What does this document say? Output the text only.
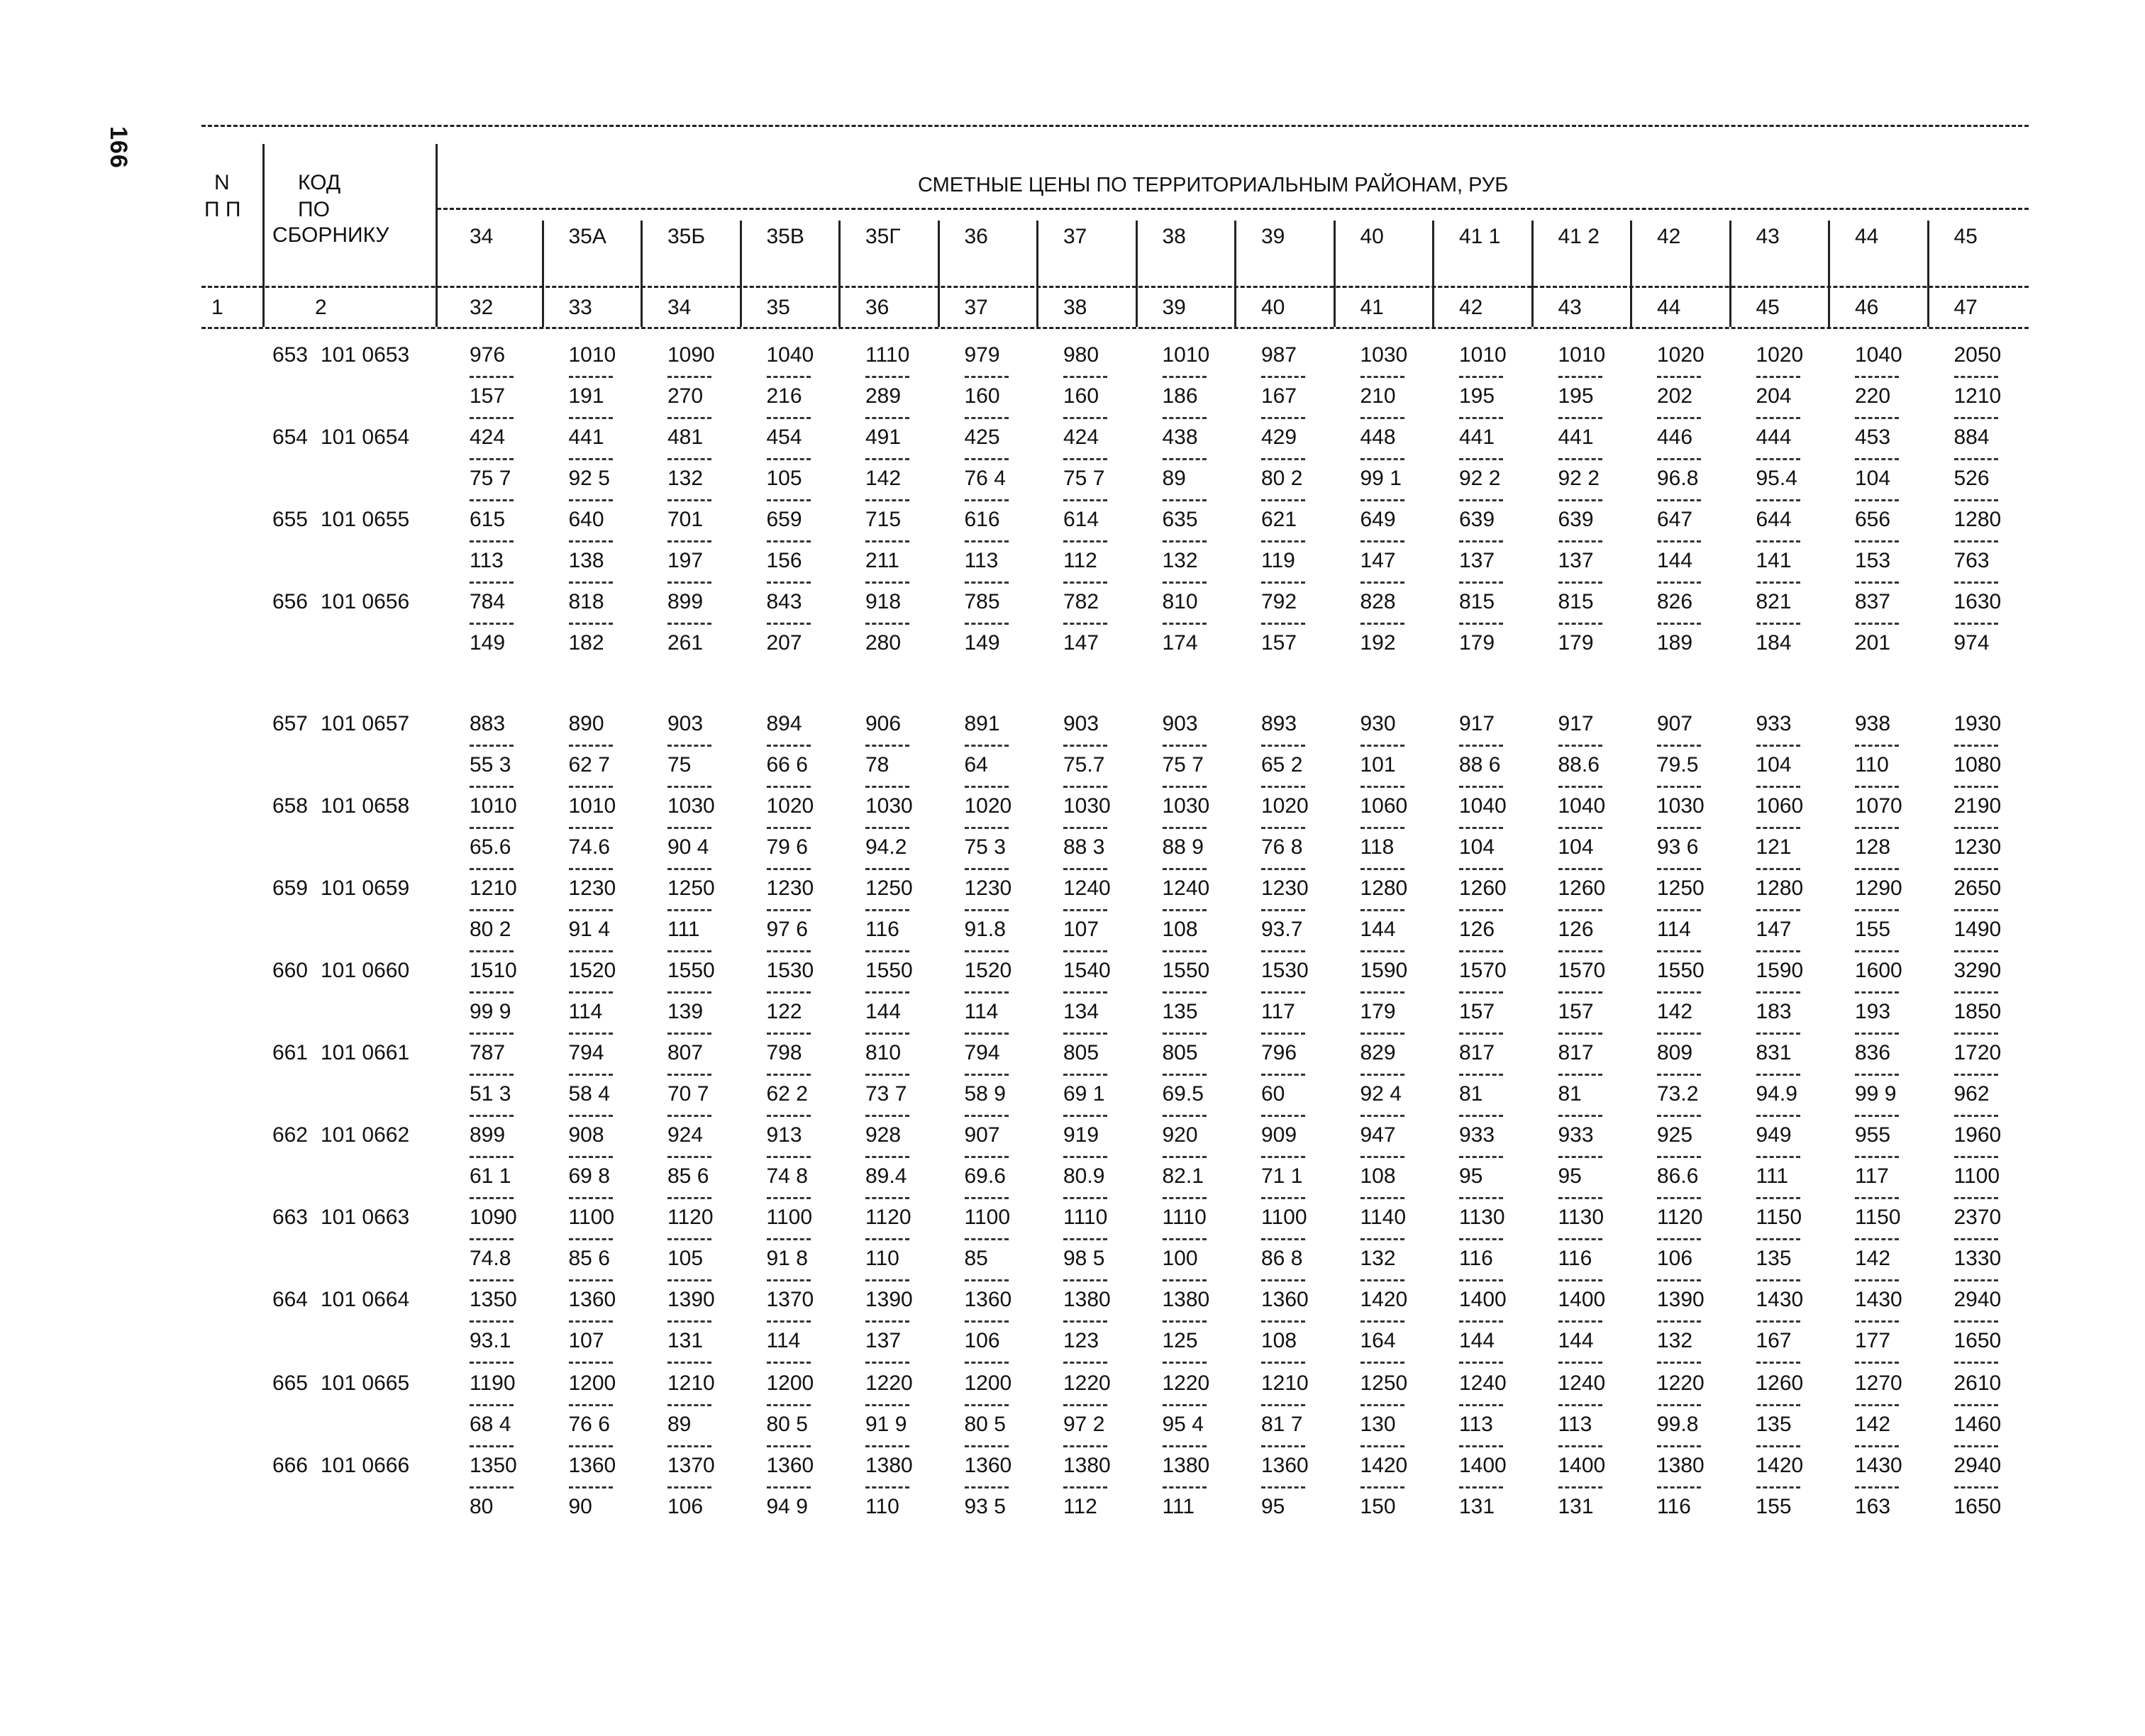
166
N
П П
КОД
ПО
СБОРНИКУ
СМЕТНЫЕ ЦЕНЫ ПО ТЕРРИТОРИАЛЬНЫМ РАЙОНАМ, РУБ
34	35А	35Б	35В	35Г	36	37	38	39	40	41 1	41 2	42	43	44	45
1	2	32	33	34	35	36	37	38	39	40	41	42	43	44	45	46	47
653 101 0653	976	1010	1090	1040	1110	979	980	1010	987	1030	1010	1010	1020	1020	1040	2050
157	191	270	216	289	160	160	186	167	210	195	195	202	204	220	1210
654 101 0654	424	441	481	454	491	425	424	438	429	448	441	441	446	444	453	884
75 7	92 5	132	105	142	76 4	75 7	89	80 2	99 1	92 2	92 2	96.8	95.4	104	526
655 101 0655	615	640	701	659	715	616	614	635	621	649	639	639	647	644	656	1280
113	138	197	156	211	113	112	132	119	147	137	137	144	141	153	763
656 101 0656	784	818	899	843	918	785	782	810	792	828	815	815	826	821	837	1630
149	182	261	207	280	149	147	174	157	192	179	179	189	184	201	974
657 101 0657	883	890	903	894	906	891	903	903	893	930	917	917	907	933	938	1930
55 3	62 7	75	66 6	78	64	75.7	75 7	65 2	101	88 6	88.6	79.5	104	110	1080
658 101 0658	1010	1010	1030	1020	1030	1020	1030	1030	1020	1060	1040	1040	1030	1060	1070	2190
65.6	74.6	90 4	79 6	94.2	75 3	88 3	88 9	76 8	118	104	104	93 6	121	128	1230
659 101 0659	1210	1230	1250	1230	1250	1230	1240	1240	1230	1280	1260	1260	1250	1280	1290	2650
80 2	91 4	111	97 6	116	91.8	107	108	93.7	144	126	126	114	147	155	1490
660 101 0660	1510	1520	1550	1530	1550	1520	1540	1550	1530	1590	1570	1570	1550	1590	1600	3290
99 9	114	139	122	144	114	134	135	117	179	157	157	142	183	193	1850
661 101 0661	787	794	807	798	810	794	805	805	796	829	817	817	809	831	836	1720
51 3	58 4	70 7	62 2	73 7	58 9	69 1	69.5	60	92 4	81	81	73.2	94.9	99 9	962
662 101 0662	899	908	924	913	928	907	919	920	909	947	933	933	925	949	955	1960
61 1	69 8	85 6	74 8	89.4	69.6	80.9	82.1	71 1	108	95	95	86.6	111	117	1100
663 101 0663	1090	1100	1120	1100	1120	1100	1110	1110	1100	1140	1130	1130	1120	1150	1150	2370
74.8	85 6	105	91 8	110	85	98 5	100	86 8	132	116	116	106	135	142	1330
664 101 0664	1350	1360	1390	1370	1390	1360	1380	1380	1360	1420	1400	1400	1390	1430	1430	2940
93.1	107	131	114	137	106	123	125	108	164	144	144	132	167	177	1650
665 101 0665	1190	1200	1210	1200	1220	1200	1220	1220	1210	1250	1240	1240	1220	1260	1270	2610
68 4	76 6	89	80 5	91 9	80 5	97 2	95 4	81 7	130	113	113	99.8	135	142	1460
666 101 0666	1350	1360	1370	1360	1380	1360	1380	1380	1360	1420	1400	1400	1380	1420	1430	2940
80	90	106	94 9	110	93 5	112	111	95	150	131	131	116	155	163	1650
